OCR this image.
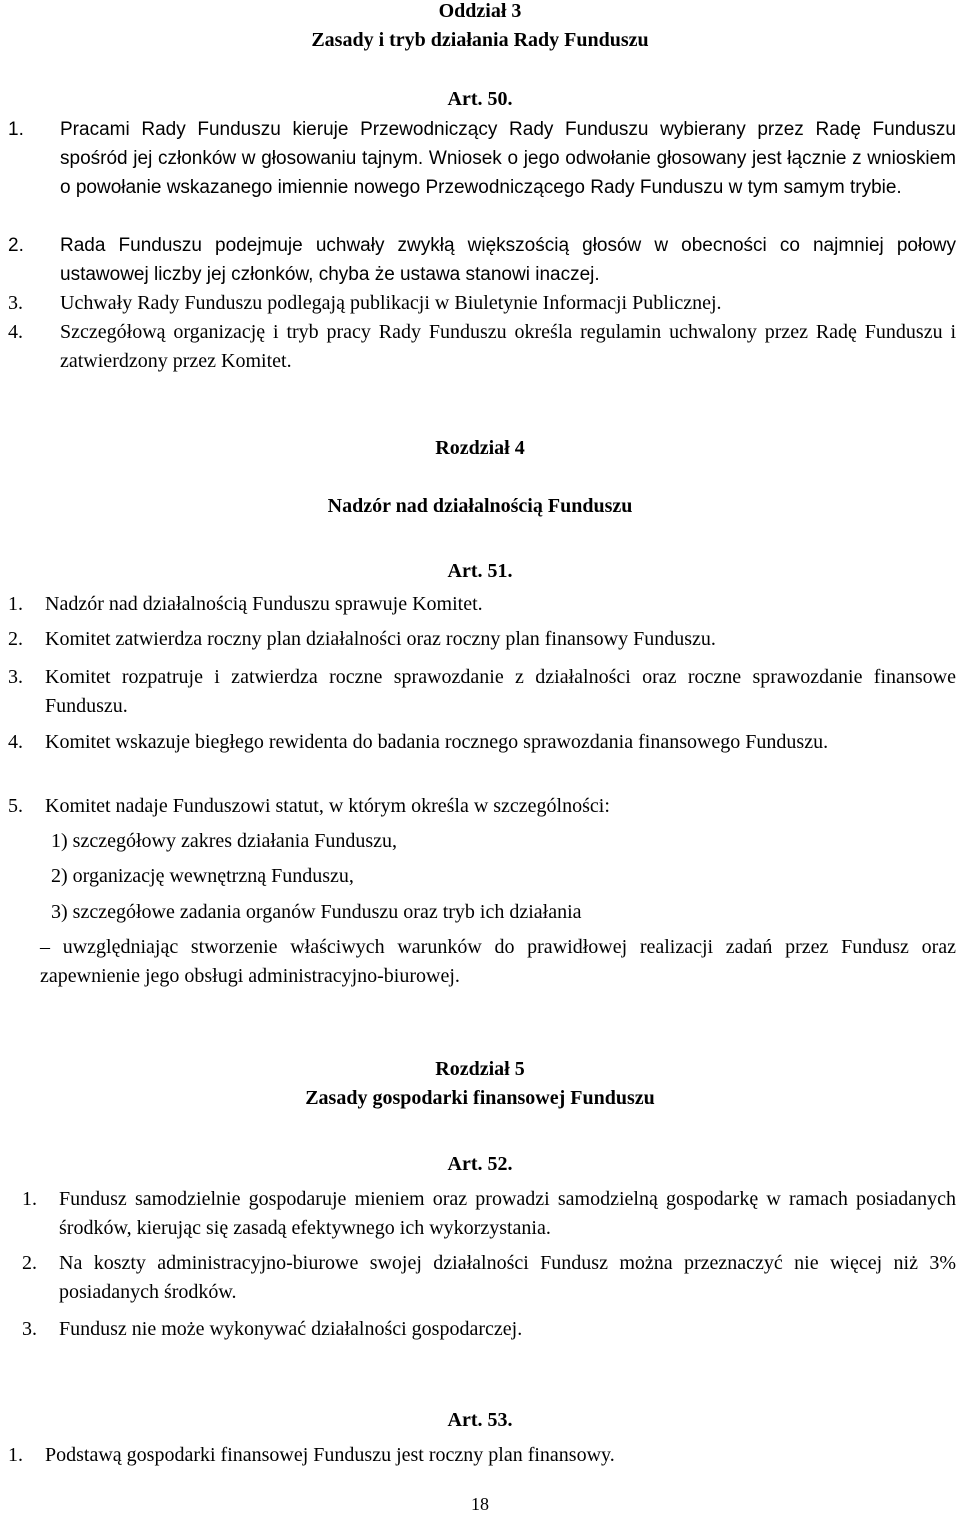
Oddział 3
Zasady i tryb działania Rady Funduszu
Art. 50.
1. Pracami Rady Funduszu kieruje Przewodniczący Rady Funduszu wybierany przez Radę Funduszu spośród jej członków w głosowaniu tajnym. Wniosek o jego odwołanie głosowany jest łącznie z wnioskiem o powołanie wskazanego imiennie nowego Przewodniczącego Rady Funduszu w tym samym trybie.
2. Rada Funduszu podejmuje uchwały zwykłą większością głosów w obecności co najmniej połowy ustawowej liczby jej członków, chyba że ustawa stanowi inaczej.
3. Uchwały Rady Funduszu podlegają publikacji w Biuletynie Informacji Publicznej.
4. Szczegółową organizację i tryb pracy Rady Funduszu określa regulamin uchwalony przez Radę Funduszu i zatwierdzony przez Komitet.
Rozdział 4
Nadzór nad działalnością Funduszu
Art. 51.
1. Nadzór nad działalnością Funduszu sprawuje Komitet.
2. Komitet zatwierdza roczny plan działalności oraz roczny plan finansowy Funduszu.
3. Komitet rozpatruje i zatwierdza roczne sprawozdanie z działalności oraz roczne sprawozdanie finansowe Funduszu.
4. Komitet wskazuje biegłego rewidenta do badania rocznego sprawozdania finansowego Funduszu.
5. Komitet nadaje Funduszowi statut, w którym określa w szczególności:
1) szczegółowy zakres działania Funduszu,
2) organizację wewnętrzną Funduszu,
3) szczegółowe zadania organów Funduszu oraz tryb ich działania
– uwzględniając stworzenie właściwych warunków do prawidłowej realizacji zadań przez Fundusz oraz zapewnienie jego obsługi administracyjno-biurowej.
Rozdział 5
Zasady gospodarki finansowej Funduszu
Art. 52.
1. Fundusz samodzielnie gospodaruje mieniem oraz prowadzi samodzielną gospodarkę w ramach posiadanych środków, kierując się zasadą efektywnego ich wykorzystania.
2. Na koszty administracyjno-biurowe swojej działalności Fundusz można przeznaczyć nie więcej niż 3% posiadanych środków.
3. Fundusz nie może wykonywać działalności gospodarczej.
Art. 53.
1. Podstawą gospodarki finansowej Funduszu jest roczny plan finansowy.
18
